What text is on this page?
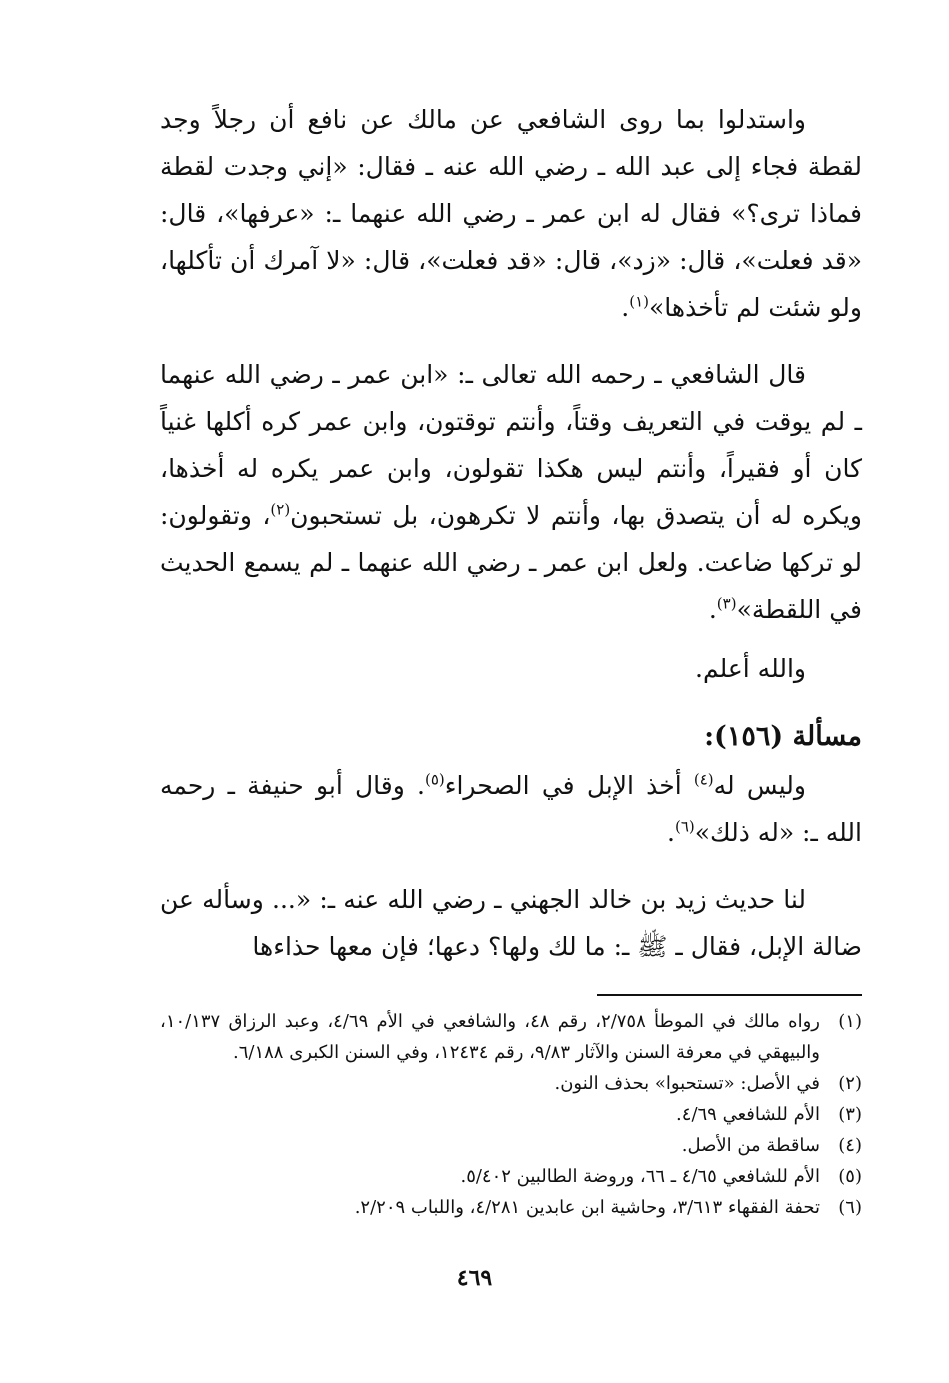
واستدلوا بما روى الشافعي عن مالك عن نافع أن رجلاً وجد لقطة فجاء إلى عبد الله ـ رضي الله عنه ـ فقال: «إني وجدت لقطة فماذا ترى؟» فقال له ابن عمر ـ رضي الله عنهما ـ: «عرفها»، قال: «قد فعلت»، قال: «زد»، قال: «قد فعلت»، قال: «لا آمرك أن تأكلها، ولو شئت لم تأخذها»$^{(١)}$.

قال الشافعي ـ رحمه الله تعالى ـ: «ابن عمر ـ رضي الله عنهما ـ لم يوقت في التعريف وقتاً، وأنتم توقتون، وابن عمر كره أكلها غنياً كان أو فقيراً، وأنتم ليس هكذا تقولون، وابن عمر يكره له أخذها، ويكره له أن يتصدق بها، وأنتم لا تكرهون، بل تستحبون$^{(٢)}$، وتقولون: لو تركها ضاعت. ولعل ابن عمر ـ رضي الله عنهما ـ لم يسمع الحديث في اللقطة»$^{(٣)}$.

والله أعلم.

مسألة (١٥٦):

وليس له$^{(٤)}$ أخذ الإبل في الصحراء$^{(٥)}$. وقال أبو حنيفة ـ رحمه الله ـ: «له ذلك»$^{(٦)}$.

لنا حديث زيد بن خالد الجهني ـ رضي الله عنه ـ: «... وسأله عن ضالة الإبل، فقال ـ ﷺ ـ: ما لك ولها؟ دعها؛ فإن معها حذاءها

(١)
رواه مالك في الموطأ ٢/٧٥٨، رقم ٤٨، والشافعي في الأم ٤/٦٩، وعبد الرزاق ١٠/١٣٧، والبيهقي في معرفة السنن والآثار ٩/٨٣، رقم ١٢٤٣٤، وفي السنن الكبرى ٦/١٨٨.
(٢)
في الأصل: «تستحبوا» بحذف النون.
(٣)
الأم للشافعي ٤/٦٩.
(٤)
ساقطة من الأصل.
(٥)
الأم للشافعي ٤/٦٥ ـ ٦٦، وروضة الطالبين ٥/٤٠٢.
(٦)
تحفة الفقهاء ٣/٦١٣، وحاشية ابن عابدين ٤/٢٨١، واللباب ٢/٢٠٩.
٤٦٩
